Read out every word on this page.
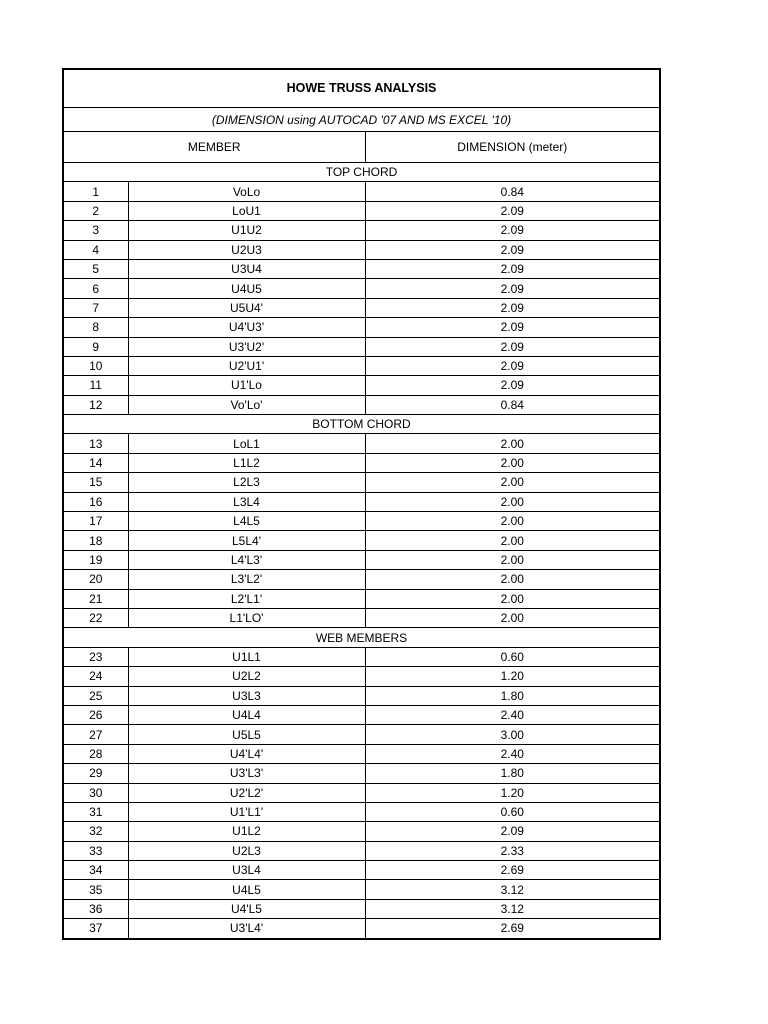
HOWE TRUSS ANALYSIS		
(DIMENSION using AUTOCAD '07 AND MS EXCEL '10)		
MEMBER		DIMENSION (meter)
TOP CHORD		
1	VoLo	0.84
2	LoU1	2.09
3	U1U2	2.09
4	U2U3	2.09
5	U3U4	2.09
6	U4U5	2.09
7	U5U4'	2.09
8	U4'U3'	2.09
9	U3'U2'	2.09
10	U2'U1'	2.09
11	U1'Lo	2.09
12	Vo'Lo'	0.84
BOTTOM CHORD		
13	LoL1	2.00
14	L1L2	2.00
15	L2L3	2.00
16	L3L4	2.00
17	L4L5	2.00
18	L5L4'	2.00
19	L4'L3'	2.00
20	L3'L2'	2.00
21	L2'L1'	2.00
22	L1'LO'	2.00
WEB MEMBERS		
23	U1L1	0.60
24	U2L2	1.20
25	U3L3	1.80
26	U4L4	2.40
27	U5L5	3.00
28	U4'L4'	2.40
29	U3'L3'	1.80
30	U2'L2'	1.20
31	U1'L1'	0.60
32	U1L2	2.09
33	U2L3	2.33
34	U3L4	2.69
35	U4L5	3.12
36	U4'L5	3.12
37	U3'L4'	2.69
